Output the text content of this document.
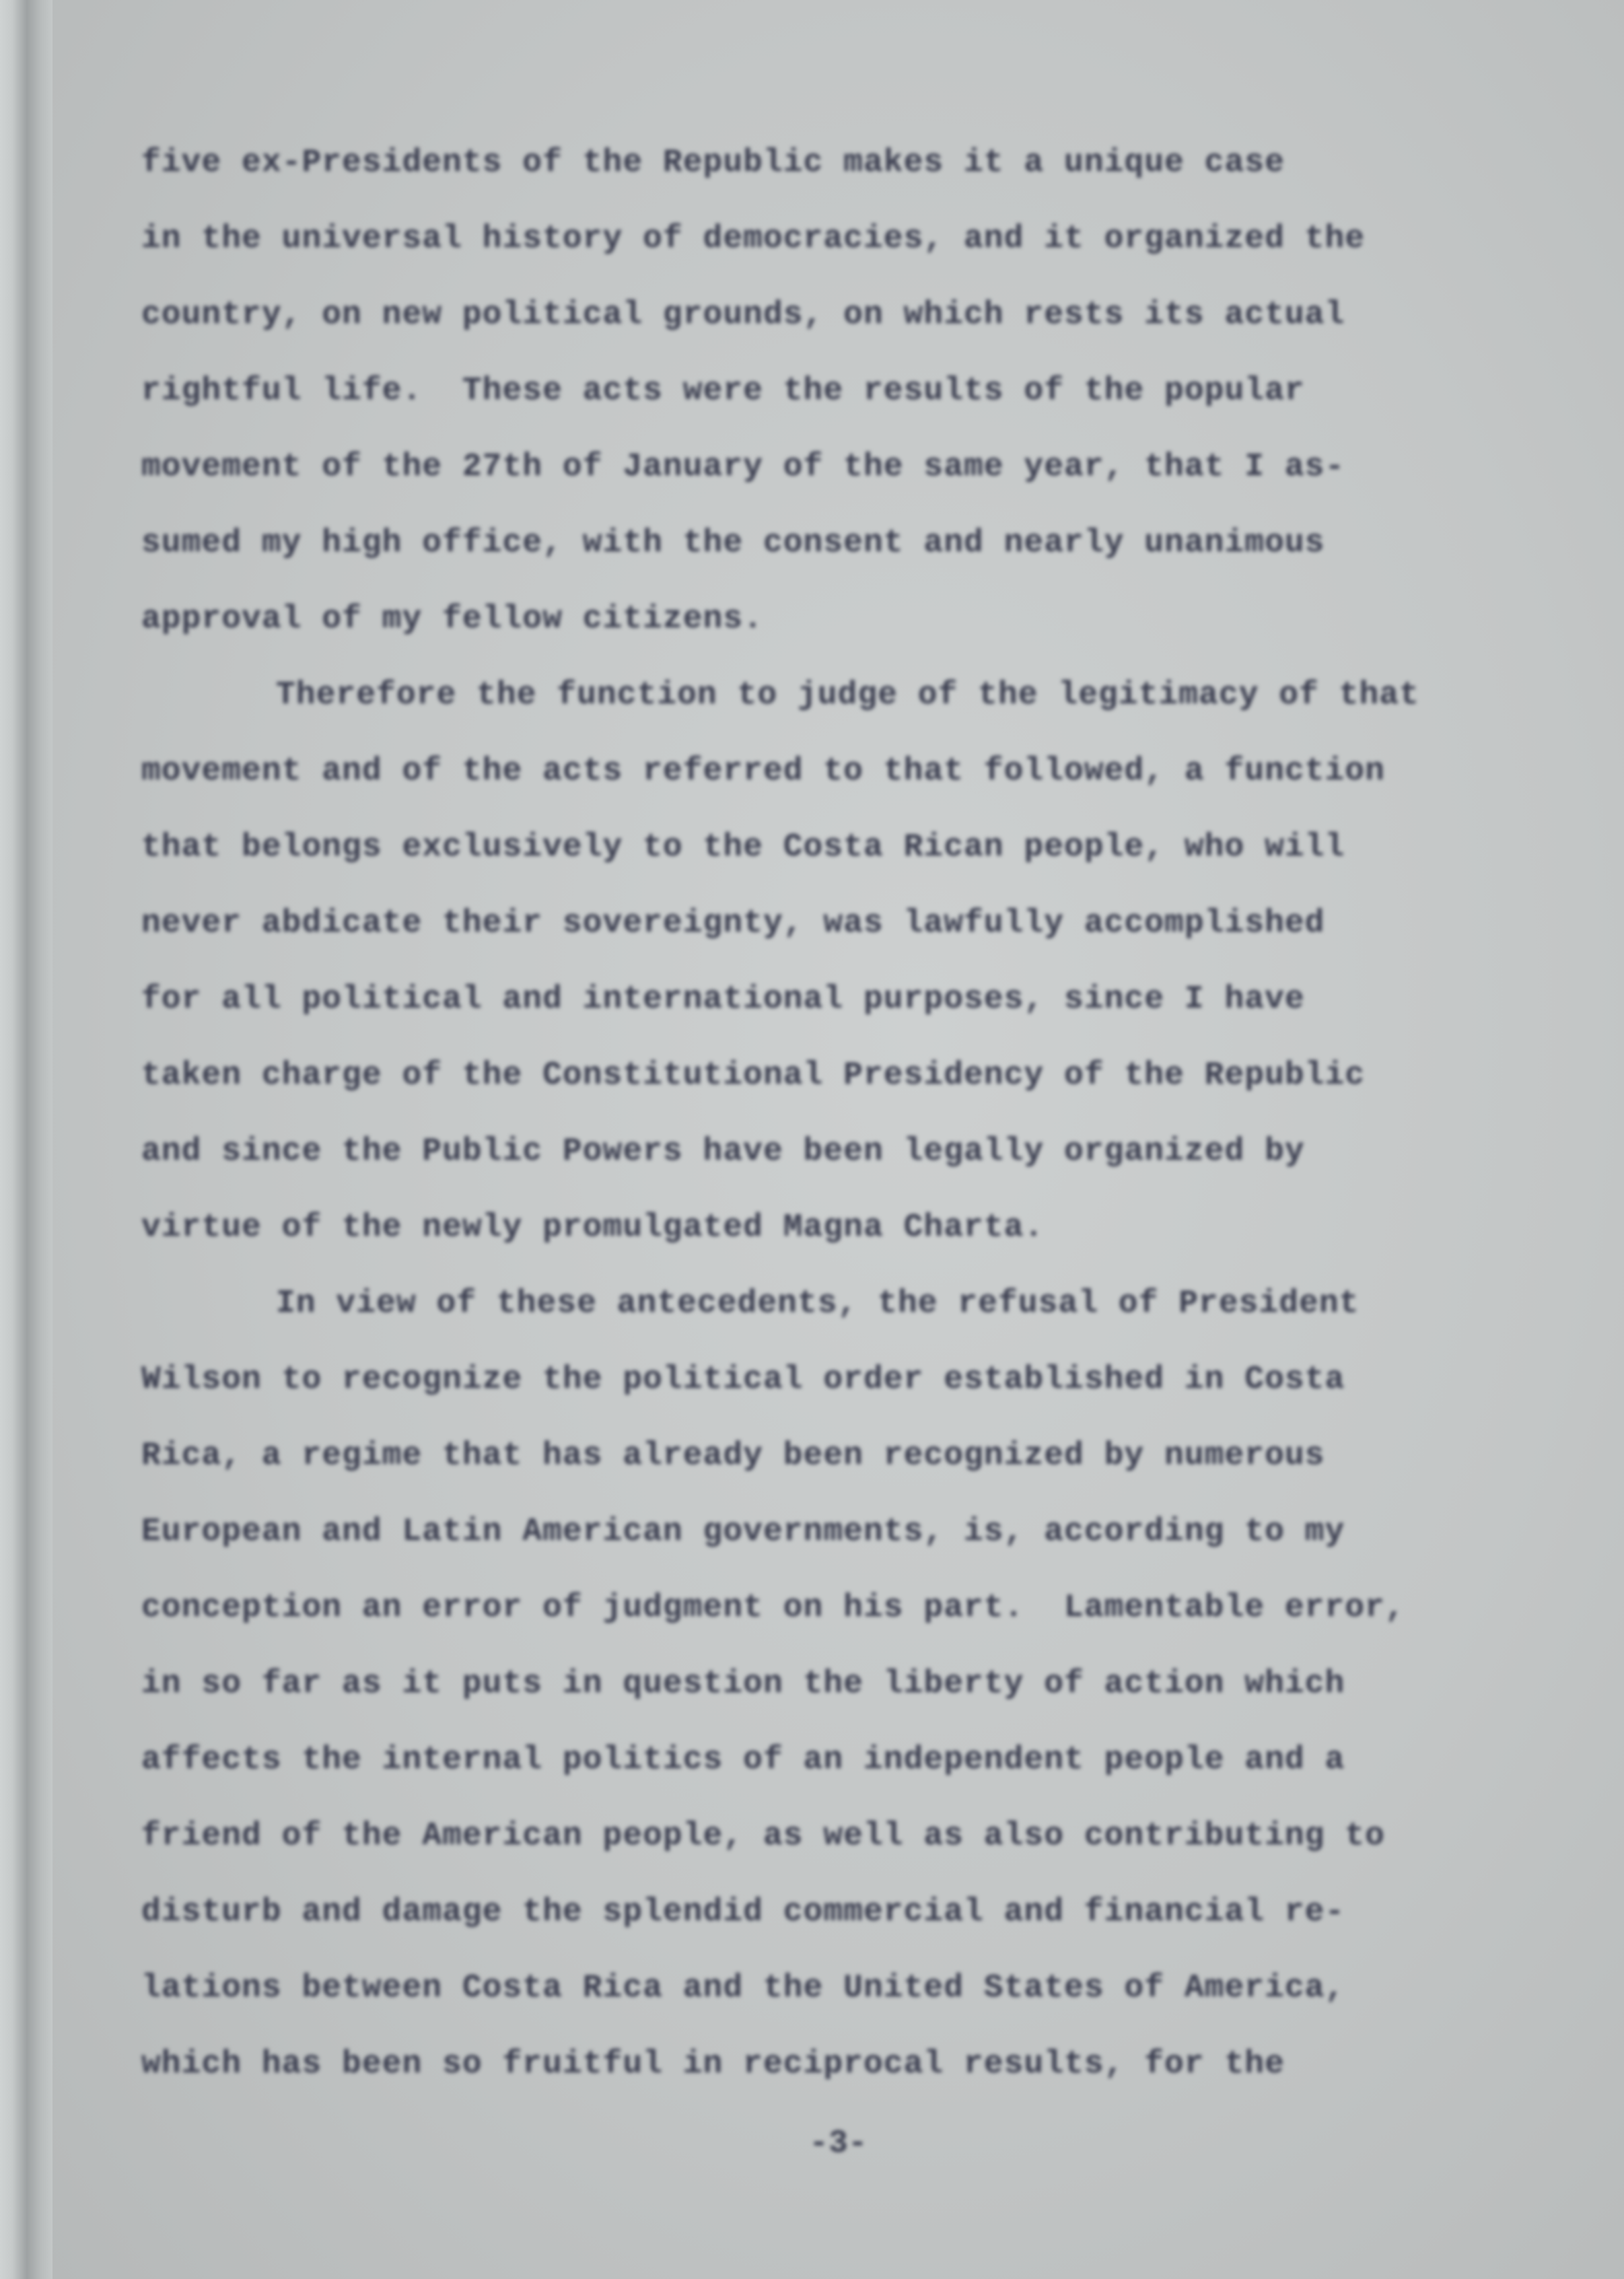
five ex-Presidents of the Republic makes it a unique case
in the universal history of democracies, and it organized the
country, on new political grounds, on which rests its actual
rightful life.  These acts were the results of the popular
movement of the 27th of January of the same year, that I as-
sumed my high office, with the consent and nearly unanimous
approval of my fellow citizens.
Therefore the function to judge of the legitimacy of that
movement and of the acts referred to that followed, a function
that belongs exclusively to the Costa Rican people, who will
never abdicate their sovereignty, was lawfully accomplished
for all political and international purposes, since I have
taken charge of the Constitutional Presidency of the Republic
and since the Public Powers have been legally organized by
virtue of the newly promulgated Magna Charta.
In view of these antecedents, the refusal of President
Wilson to recognize the political order established in Costa
Rica, a regime that has already been recognized by numerous
European and Latin American governments, is, according to my
conception an error of judgment on his part.  Lamentable error,
in so far as it puts in question the liberty of action which
affects the internal politics of an independent people and a
friend of the American people, as well as also contributing to
disturb and damage the splendid commercial and financial re-
lations between Costa Rica and the United States of America,
which has been so fruitful in reciprocal results, for the
-3-
